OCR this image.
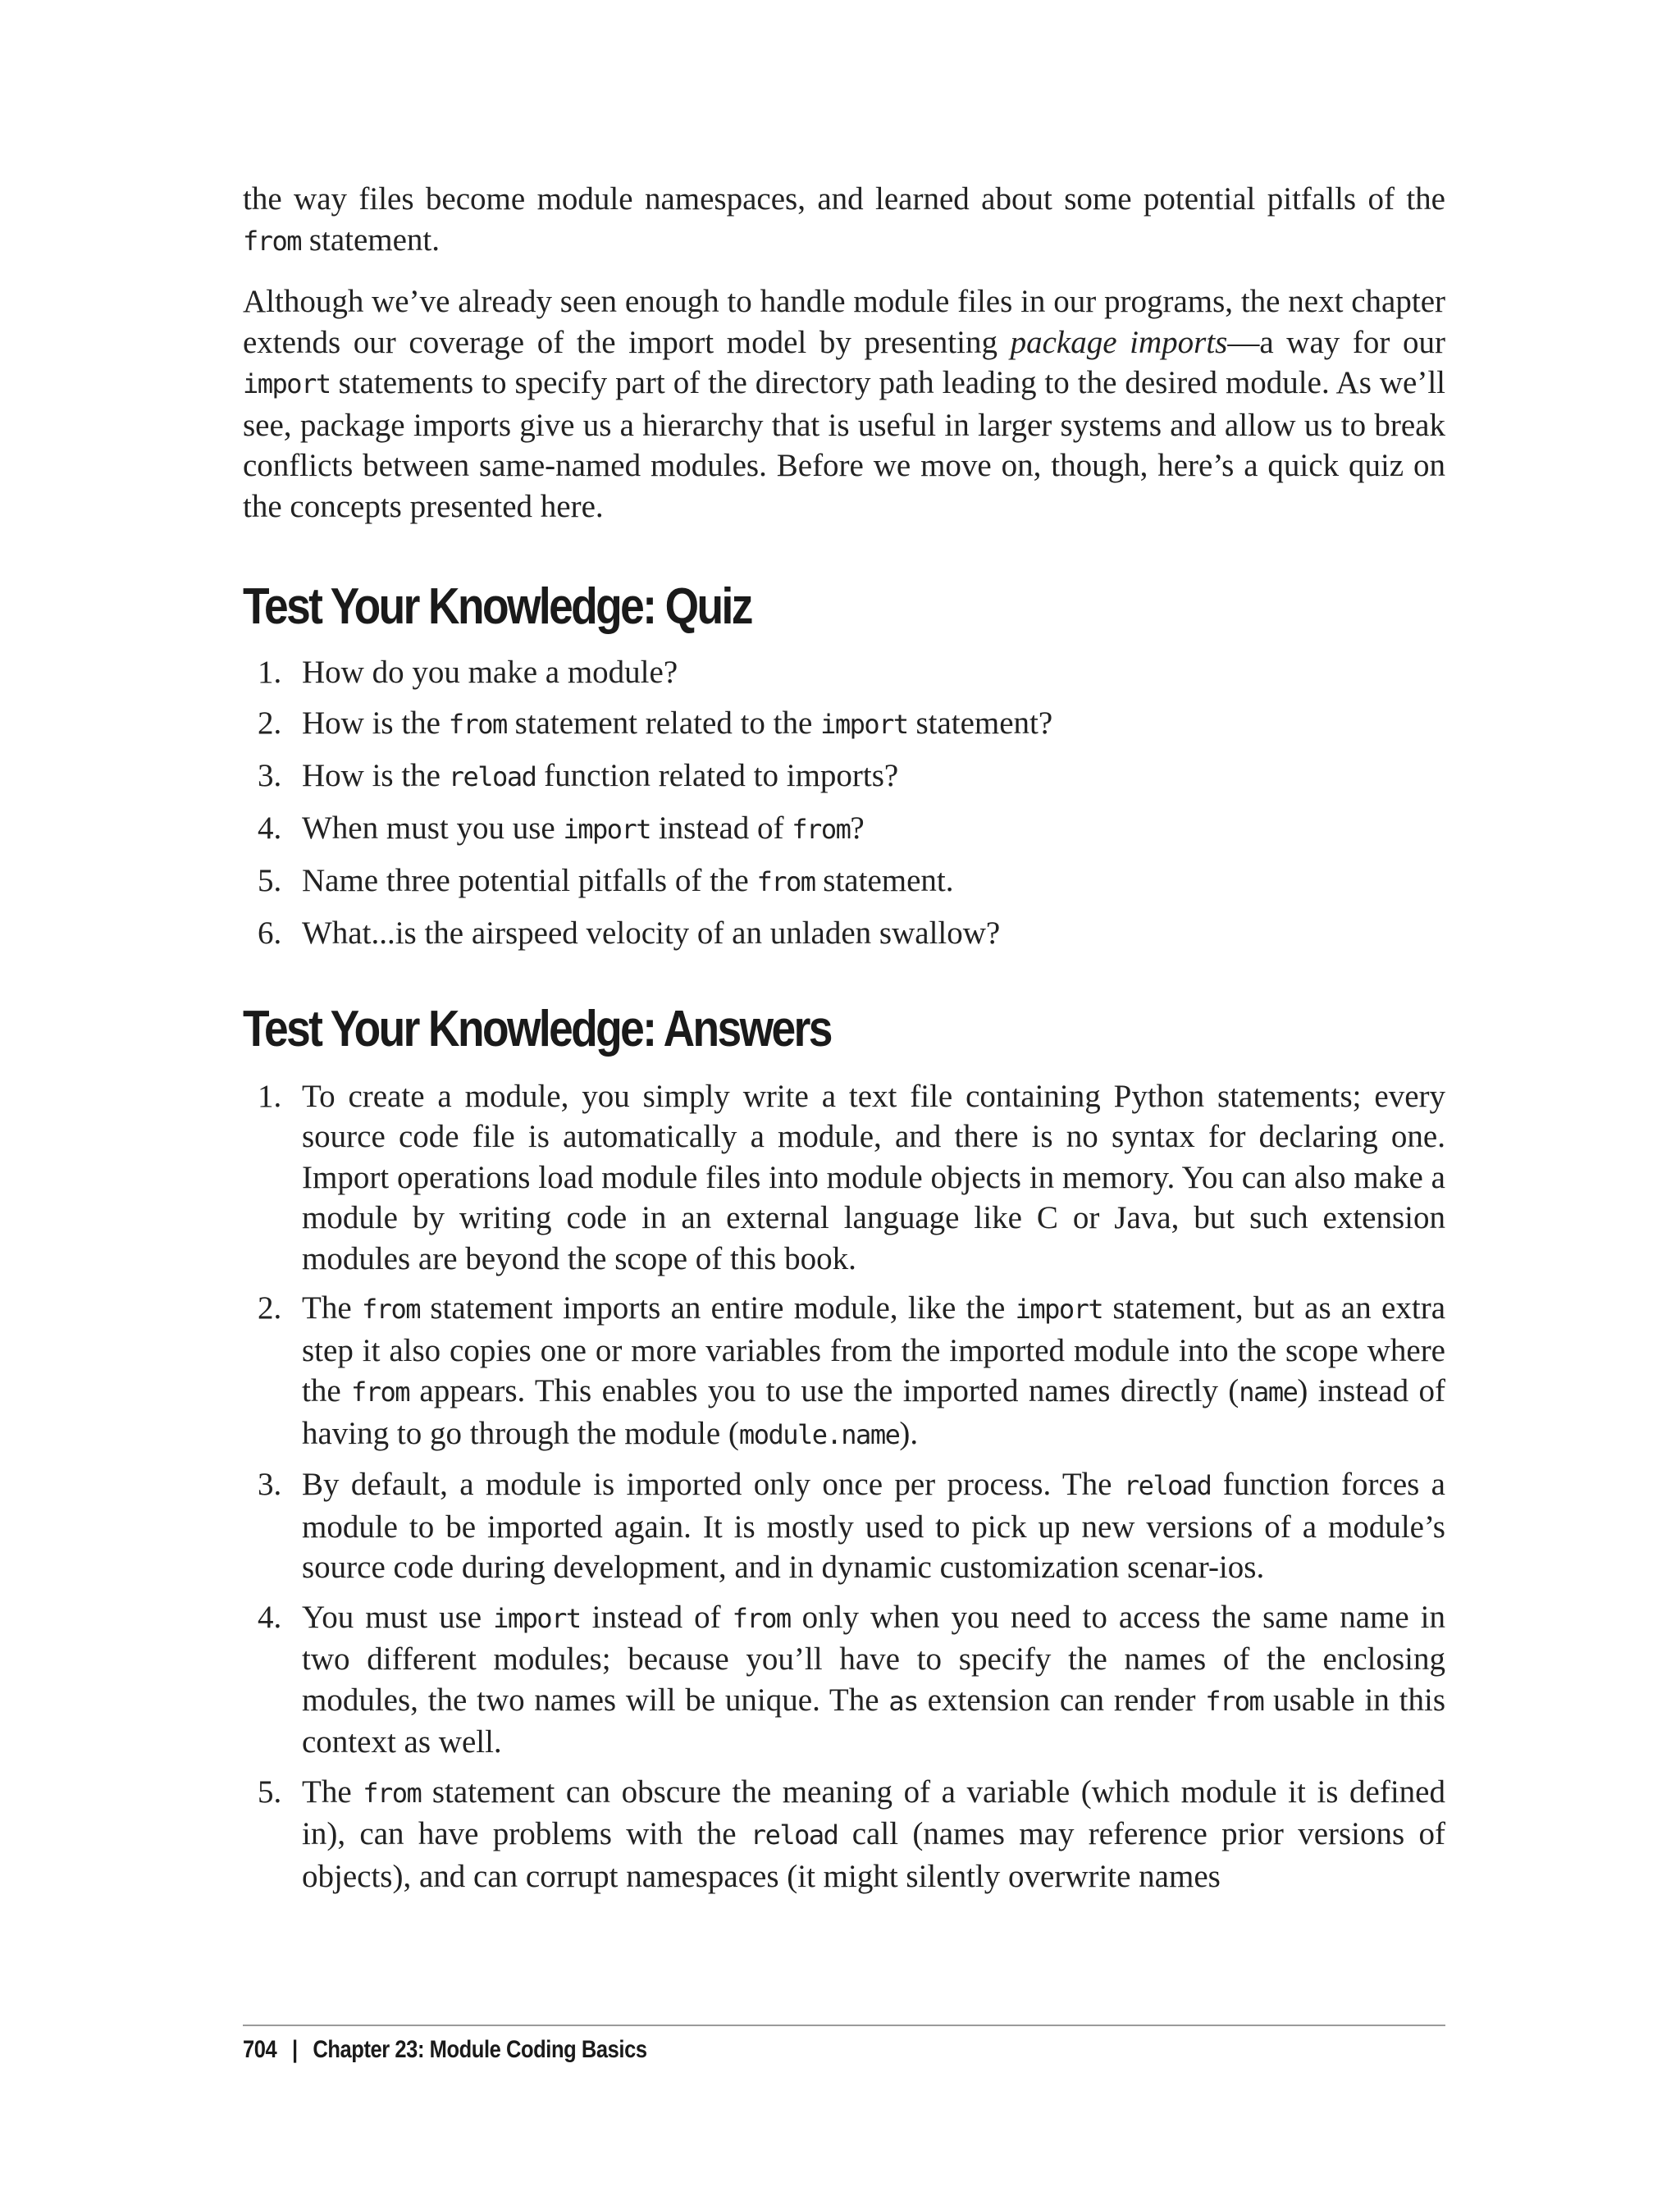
the way files become module namespaces, and learned about some potential pitfalls of the from statement.

Although we’ve already seen enough to handle module files in our programs, the next chapter extends our coverage of the import model by presenting package imports—a way for our import statements to specify part of the directory path leading to the desired module. As we’ll see, package imports give us a hierarchy that is useful in larger systems and allow us to break conflicts between same-named modules. Before we move on, though, here’s a quick quiz on the concepts presented here.

Test Your Knowledge: Quiz
1. How do you make a module?
2. How is the from statement related to the import statement?
3. How is the reload function related to imports?
4. When must you use import instead of from?
5. Name three potential pitfalls of the from statement.
6. What...is the airspeed velocity of an unladen swallow?
Test Your Knowledge: Answers
1. To create a module, you simply write a text file containing Python statements; every source code file is automatically a module, and there is no syntax for declaring one. Import operations load module files into module objects in memory. You can also make a module by writing code in an external language like C or Java, but such extension modules are beyond the scope of this book.
2. The from statement imports an entire module, like the import statement, but as an extra step it also copies one or more variables from the imported module into the scope where the from appears. This enables you to use the imported names directly (name) instead of having to go through the module (module.name).
3. By default, a module is imported only once per process. The reload function forces a module to be imported again. It is mostly used to pick up new versions of a module’s source code during development, and in dynamic customization scenar-ios.
4. You must use import instead of from only when you need to access the same name in two different modules; because you’ll have to specify the names of the enclosing modules, the two names will be unique. The as extension can render from usable in this context as well.
5. The from statement can obscure the meaning of a variable (which module it is defined in), can have problems with the reload call (names may reference prior versions of objects), and can corrupt namespaces (it might silently overwrite names
704 | Chapter 23: Module Coding Basics
